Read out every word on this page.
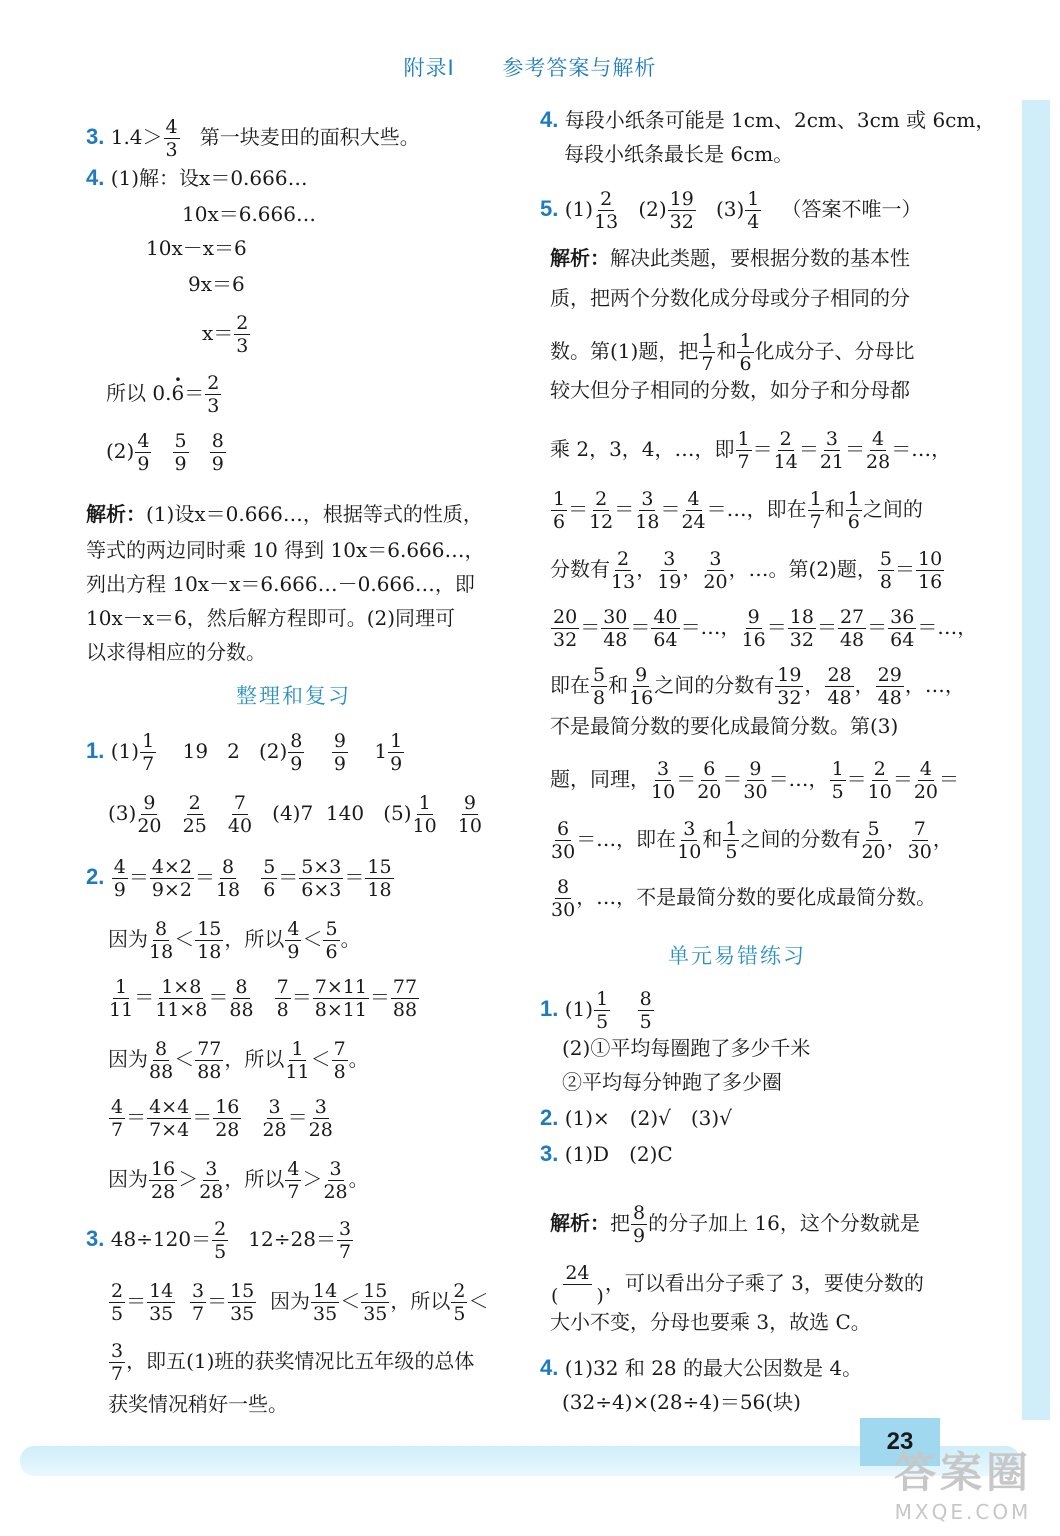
附录Ⅰ 参考答案与解析
3. $1.4> \frac{4}{3}$ 第一块麦田的面积大些。
4. (1)解：设x＝0.666…
10x＝6.666…
10x－x＝6
9x＝6
$x= \frac{2}{3}$
所以 $0.\cdot 6= \frac{2}{3}$
$(2) \frac{4}{9}$
$\frac{5}{9}$
$\frac{8}{9}$
解析：(1)设x＝0.666…，根据等式的性质，
等式的两边同时乘 10 得到 10x＝6.666…，
列出方程 10x－x＝6.666…－0.666…，即
10x－x＝6，然后解方程即可。(2)同理可
以求得相应的分数。
整理和复习
1. $(1) \frac{1}{7} 19$ 2 $(2) \frac{8}{9}$
$\frac{9}{9} 1 \frac{1}{9}$
$(3) \frac{9}{20}$
$\frac{2}{25}$
$\frac{7}{40} (4)7$ 140 $(5) \frac{1}{10}$
$\frac{9}{10}$
2. $\frac{4}{9} = \frac{4\times 2}{9\times 2} = \frac{8}{18}$
$\frac{5}{6} = \frac{5\times 3}{6\times 3} = \frac{15}{18}$
因为 $\frac{8}{18} < \frac{15}{18}$ ，所以 $\frac{4}{9} < \frac{5}{6}$ 。
$\frac{1}{11} = \frac{1\times 8}{11\times 8} = \frac{8}{88}$
$\frac{7}{8} = \frac{7\times 11}{8\times 11} = \frac{77}{88}$
因为 $\frac{8}{88} < \frac{77}{88}$ ，所以 $\frac{1}{11} < \frac{7}{8}$ 。
$\frac{4}{7} = \frac{4\times 4}{7\times 4} = \frac{16}{28}$
$\frac{3}{28} = \frac{3}{28}$
因为 $\frac{16}{28} > \frac{3}{28}$ ，所以 $\frac{4}{7} > \frac{3}{28}$ 。
3. $48\div 120= \frac{2}{5} 12\div 28= \frac{3}{7}$
$\frac{2}{5} = \frac{14}{35}$
$\frac{3}{7} = \frac{15}{35}$ 因为 $\frac{14}{35} < \frac{15}{35}$ ，所以 $\frac{2}{5}$ ＜
$\frac{3}{7}$ ，即五(1)班的获奖情况比五年级的总体
获奖情况稍好一些。
4. 每段小纸条可能是 1cm、2cm、3cm 或 6cm，
每段小纸条最长是 6cm。
5. $(1) \frac{2}{13} (2) \frac{19}{32} (3) \frac{1}{4}$ （答案不唯一）
解析：解决此类题，要根据分数的基本性
质，把两个分数化成分母或分子相同的分
数。第(1)题，把 $\frac{1}{7}$ 和 $\frac{1}{6}$ 化成分子、分母比
较大但分子相同的分数，如分子和分母都
乘 2，3，4，…，即 $\frac{1}{7} = \frac{2}{14} = \frac{3}{21} = \frac{4}{28}$ ＝…，
$\frac{1}{6} = \frac{2}{12} = \frac{3}{18} = \frac{4}{24}$ ＝…，即在 $\frac{1}{7}$ 和 $\frac{1}{6}$ 之间的
分数有 $\frac{2}{13}$ ， $\frac{3}{19}$ ， $\frac{3}{20}$ ，…。第(2)题， $\frac{5}{8} = \frac{10}{16}$
$\frac{20}{32} = \frac{30}{48} = \frac{40}{64}$ ＝…， $\frac{9}{16} = \frac{18}{32} = \frac{27}{48} = \frac{36}{64}$ ＝…，
即在 $\frac{5}{8}$ 和 $\frac{9}{16}$ 之间的分数有 $\frac{19}{32}$ ， $\frac{28}{48}$ ， $\frac{29}{48}$ ，…，
不是最简分数的要化成最简分数。第(3)
题，同理， $\frac{3}{10} = \frac{6}{20} = \frac{9}{30}$ ＝…， $\frac{1}{5} = \frac{2}{10} = \frac{4}{20}$ ＝
$\frac{6}{30}$ ＝…，即在 $\frac{3}{10}$ 和 $\frac{1}{5}$ 之间的分数有 $\frac{5}{20}$ ， $\frac{7}{30}$ ，
$\frac{8}{30}$ ，…，不是最简分数的要化成最简分数。
单元易错练习
1. $(1) \frac{1}{5}$
$\frac{8}{5}$
(2)①平均每圈跑了多少千米
②平均每分钟跑了多少圈
2. (1)×　(2)√　(3)√
3. (1)D　(2)C
解析：把 $\frac{8}{9}$ 的分子加上 16，这个分数就是
$\frac{24}{( )}$ ，可以看出分子乘了 3，要使分数的
大小不变，分母也要乘 3，故选 C。
4. (1)32 和 28 的最大公因数是 4。
(32÷4)×(28÷4)＝56(块)
23
答案圈
MXQE.COM
